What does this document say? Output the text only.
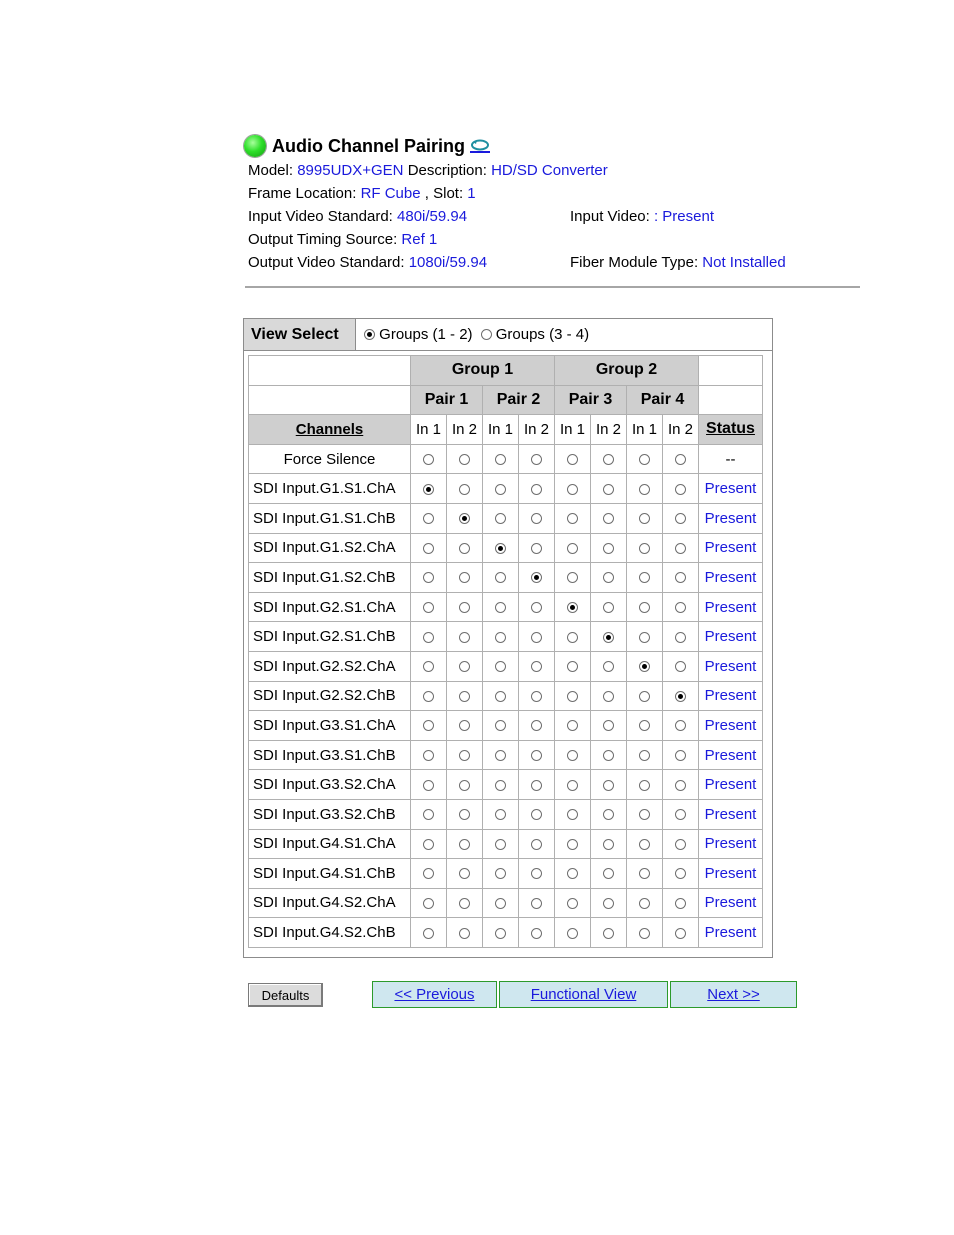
Audio Channel Pairing
Model: 8995UDX+GEN Description: HD/SD Converter
Frame Location: RF Cube , Slot: 1
Input Video Standard: 480i/59.94	Input Video: : Present
Output Timing Source: Ref 1
Output Video Standard: 1080i/59.94	Fiber Module Type: Not Installed
View Select
	Groups (1 - 2)
Groups (3 - 4)
	Group 1				Group 2				
	Pair 1		Pair 2		Pair 3		Pair 4		
Channels	In 1	In 2	In 1	In 2	In 1	In 2	In 1	In 2	Status
Force Silence									--
SDI Input.G1.S1.ChA									Present
SDI Input.G1.S1.ChB									Present
SDI Input.G1.S2.ChA									Present
SDI Input.G1.S2.ChB									Present
SDI Input.G2.S1.ChA									Present
SDI Input.G2.S1.ChB									Present
SDI Input.G2.S2.ChA									Present
SDI Input.G2.S2.ChB									Present
SDI Input.G3.S1.ChA									Present
SDI Input.G3.S1.ChB									Present
SDI Input.G3.S2.ChA									Present
SDI Input.G3.S2.ChB									Present
SDI Input.G4.S1.ChA									Present
SDI Input.G4.S1.ChB									Present
SDI Input.G4.S2.ChA									Present
SDI Input.G4.S2.ChB									Present
Defaults	<< Previous	Functional View	Next >>
